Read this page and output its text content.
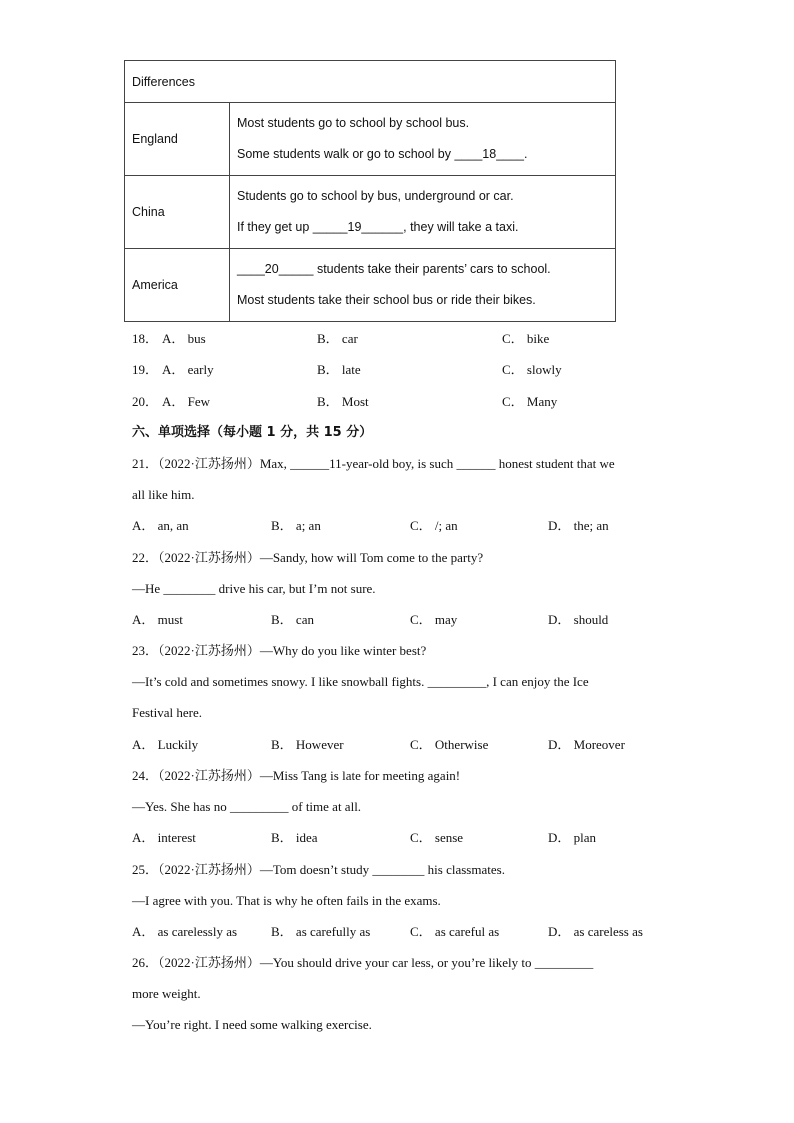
Differences	
England	Most students go to school by school bus.
Some students walk or go to school by ____18____.

China	Students go to school by bus, underground or car.
If they get up _____19______, they will take a taxi.

America	____20_____ students take their parents’ cars to school.
Most students take their school bus or ride their bikes.
18． A． bus	B． car	C． bike
19． A． early	B． late	C． slowly
20． A． Few	B． Most	C． Many
六、单项选择（每小题 1 分，共 15 分）
21．（2022·江苏扬州）Max, ______11-year-old boy, is such ______ honest student that we
all like him.
A． an, an	B． a; an	C． /; an	D． the; an
22．（2022·江苏扬州）—Sandy, how will Tom come to the party?
—He ________ drive his car, but I’m not sure.
A． must	B． can	C． may	D． should
23．（2022·江苏扬州）—Why do you like winter best?
—It’s cold and sometimes snowy. I like snowball fights. _________, I can enjoy the Ice
Festival here.
A． Luckily	B． However	C． Otherwise	D． Moreover
24．（2022·江苏扬州）—Miss Tang is late for meeting again!
—Yes. She has no _________ of time at all.
A． interest	B． idea	C． sense	D． plan
25．（2022·江苏扬州）—Tom doesn’t study ________ his classmates.
—I agree with you. That is why he often fails in the exams.
A． as carelessly as	B． as carefully as	C． as careful as	D． as careless as
26．（2022·江苏扬州）—You should drive your car less, or you’re likely to _________
more weight.
—You’re right. I need some walking exercise.
